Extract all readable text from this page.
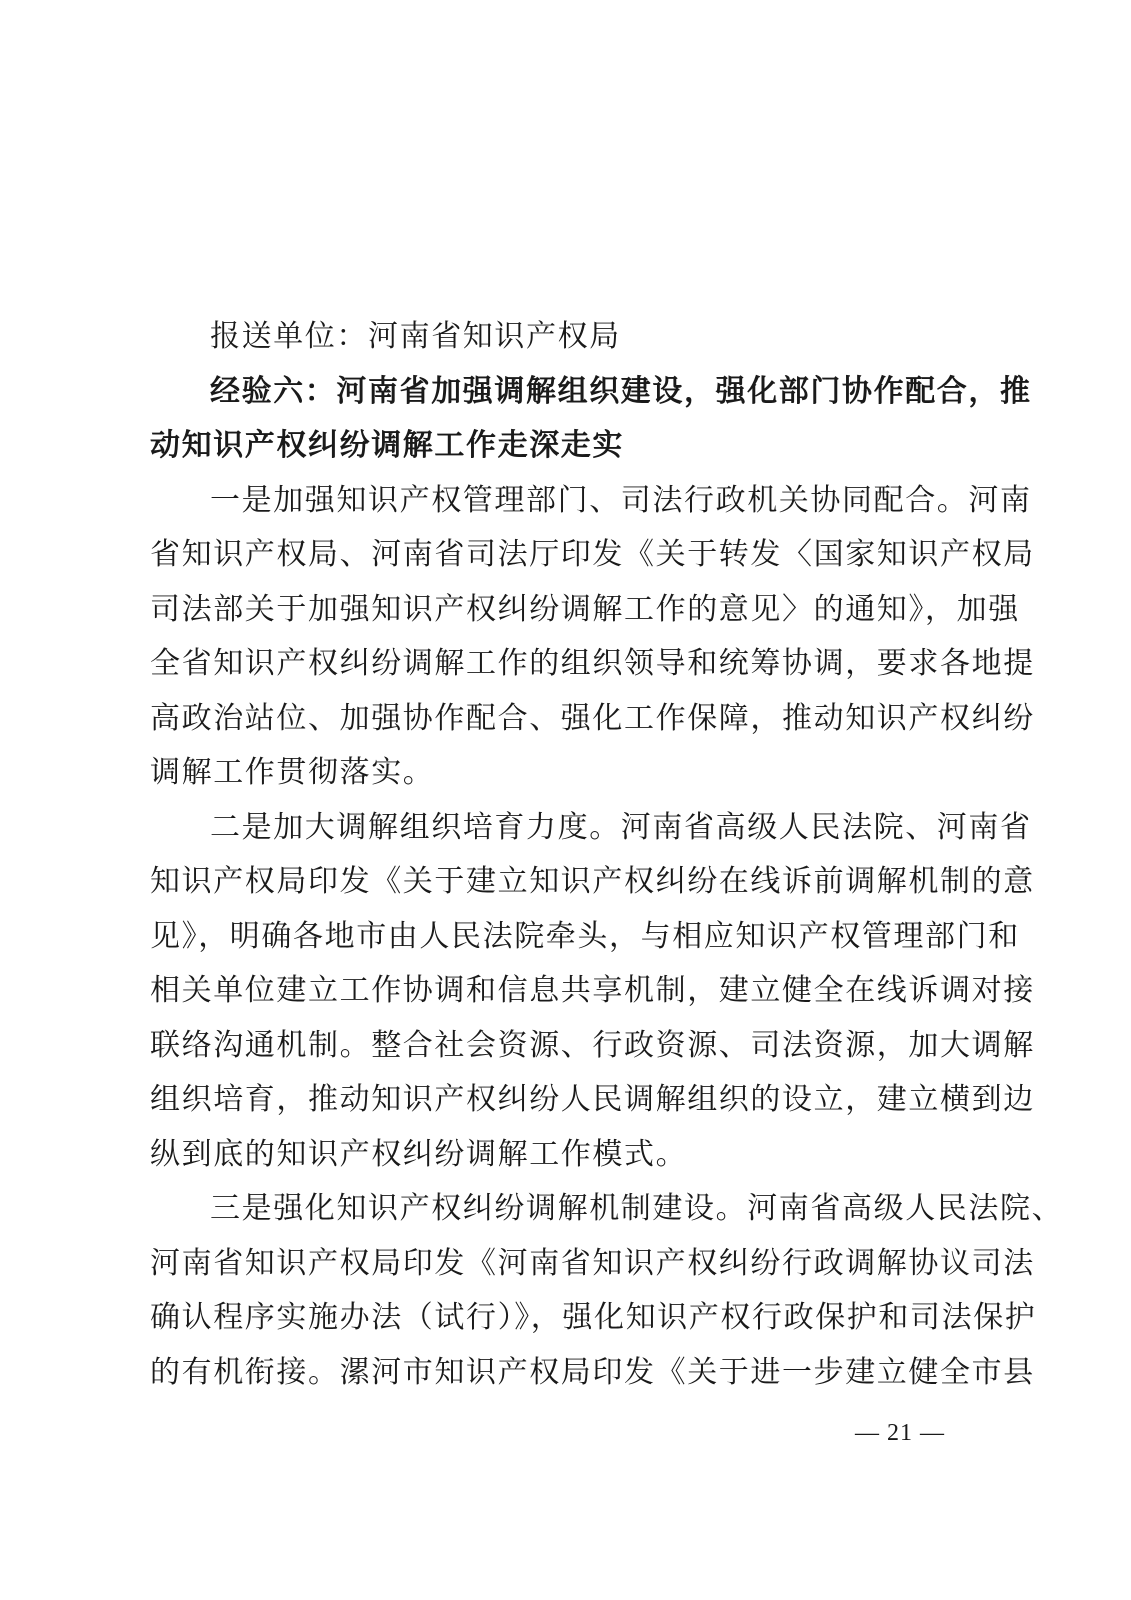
报送单位：河南省知识产权局
经验六：河南省加强调解组织建设，强化部门协作配合，推
动知识产权纠纷调解工作走深走实
一是加强知识产权管理部门、司法行政机关协同配合。河南
省知识产权局、河南省司法厅印发《关于转发〈国家知识产权局
司法部关于加强知识产权纠纷调解工作的意见〉的通知》，加强
全省知识产权纠纷调解工作的组织领导和统筹协调，要求各地提
高政治站位、加强协作配合、强化工作保障，推动知识产权纠纷
调解工作贯彻落实。
二是加大调解组织培育力度。河南省高级人民法院、河南省
知识产权局印发《关于建立知识产权纠纷在线诉前调解机制的意
见》，明确各地市由人民法院牵头，与相应知识产权管理部门和
相关单位建立工作协调和信息共享机制，建立健全在线诉调对接
联络沟通机制。整合社会资源、行政资源、司法资源，加大调解
组织培育，推动知识产权纠纷人民调解组织的设立，建立横到边
纵到底的知识产权纠纷调解工作模式。
三是强化知识产权纠纷调解机制建设。河南省高级人民法院、
河南省知识产权局印发《河南省知识产权纠纷行政调解协议司法
确认程序实施办法（试行）》，强化知识产权行政保护和司法保护
的有机衔接。漯河市知识产权局印发《关于进一步建立健全市县
— 21 —
